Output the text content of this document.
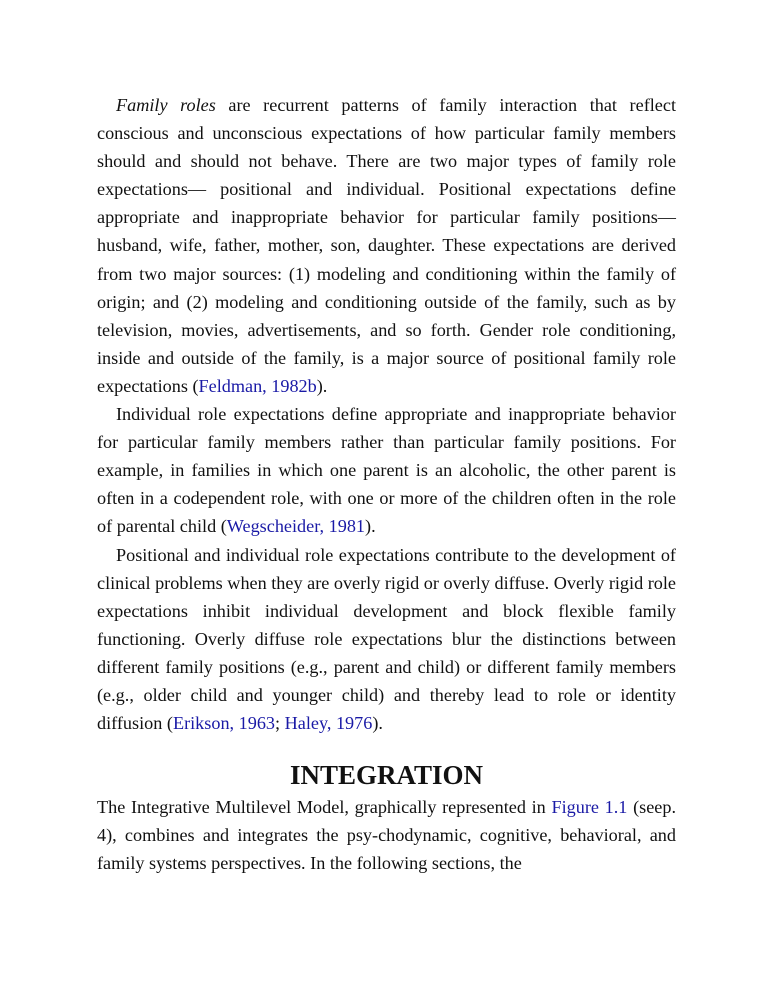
Family roles are recurrent patterns of family interaction that reflect conscious and unconscious expectations of how particular family members should and should not behave. There are two major types of family role expectations— positional and individual. Positional expectations define appropriate and inappropriate behavior for particular family positions—husband, wife, father, mother, son, daughter. These expectations are derived from two major sources: (1) modeling and conditioning within the family of origin; and (2) modeling and conditioning outside of the family, such as by television, movies, advertisements, and so forth. Gender role conditioning, inside and outside of the family, is a major source of positional family role expectations (Feldman, 1982b).

Individual role expectations define appropriate and inappropriate behavior for particular family members rather than particular family positions. For example, in families in which one parent is an alcoholic, the other parent is often in a codependent role, with one or more of the children often in the role of parental child (Wegscheider, 1981).

Positional and individual role expectations contribute to the development of clinical problems when they are overly rigid or overly diffuse. Overly rigid role expectations inhibit individual development and block flexible family functioning. Overly diffuse role expectations blur the distinctions between different family positions (e.g., parent and child) or different family members (e.g., older child and younger child) and thereby lead to role or identity diffusion (Erikson, 1963; Haley, 1976).

INTEGRATION

The Integrative Multilevel Model, graphically represented in Figure 1.1 (seep. 4), combines and integrates the psy-chodynamic, cognitive, behavioral, and family systems perspectives. In the following sections, the
